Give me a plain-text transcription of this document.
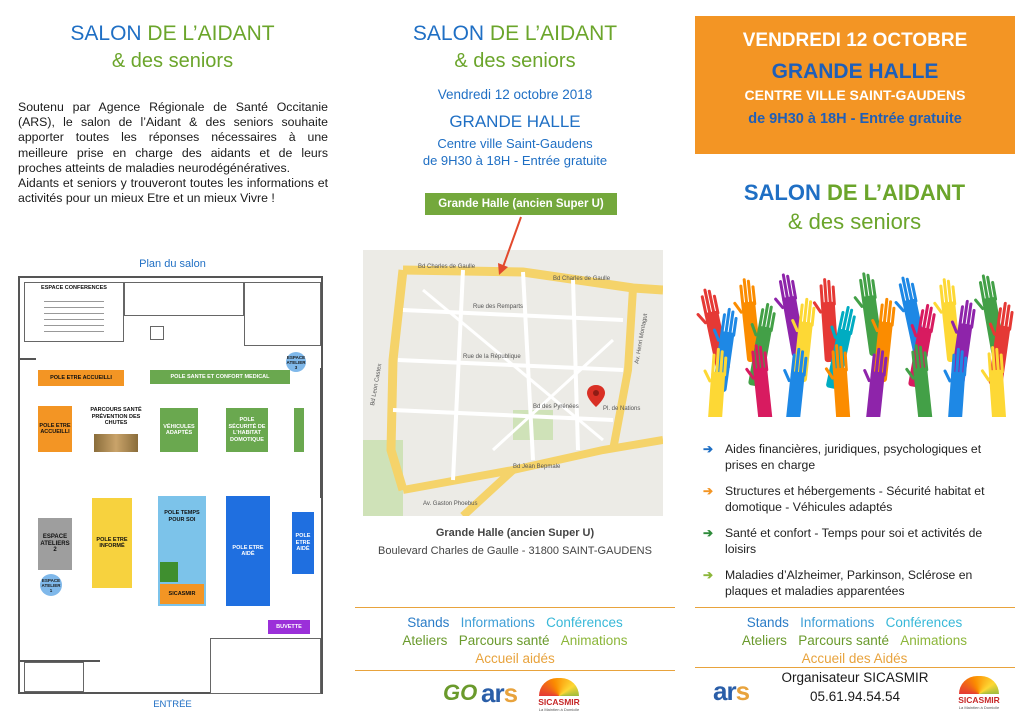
SALON DE L’AIDANT
& des seniors

Soutenu par Agence Régionale de Santé Occitanie (ARS), le salon de l’Aidant & des seniors souhaite apporter toutes les réponses nécessaires à une meilleure prise en charge des aidants et de leurs proches atteints de maladies neurodégénératives.

Aidants et seniors y trouveront toutes les informations et activités pour un mieux Etre et un mieux Vivre !

Plan du salon
ESPACE CONFERENCES
ESPACE ATELIER 3
POLE ETRE ACCUEILLI	POLE SANTE ET CONFORT MEDICAL
POLE ETRE ACCUEILLI
PARCOURS SANTÉ PRÉVENTION DES CHUTES
VÉHICULES ADAPTÉS
POLE SÉCURITÉ DE L’HABITAT DOMOTIQUE
ESPACE ATELIERS 2
POLE ETRE INFORMÉ
POLE TEMPS POUR SOI
SICASMIR
POLE ETRE AIDÉ
POLE ETRE AIDÉ
ESPACE ATELIER 1
BUVETTE
ENTRÉE
SALON DE L’AIDANT
& des seniors
Vendredi 12 octobre 2018
GRANDE HALLE
Centre ville Saint-Gaudens
de 9H30 à 18H - Entrée gratuite
Grande Halle (ancien Super U)
Bd Charles de Gaulle
Bd Charles de Gaulle
Rue des Remparts
Rue de la République
Bd Jean Bepmale
Av. Gaston Phoebus
Bd Leon Castex
Pl. de Nations
Bd des Pyrénées
Av. Henri Montagut
Grande Halle (ancien Super U)
Boulevard Charles de Gaulle - 31800 SAINT-GAUDENS
Stands Informations Conférences
Ateliers Parcours santé Animations
Accueil aidés
GO ars SICASMIR
La Maintien à Domicile
VENDREDI 12 OCTOBRE
GRANDE HALLE
CENTRE VILLE SAINT-GAUDENS
de 9H30 à 18H - Entrée gratuite
SALON DE L’AIDANT
& des seniors
➔ Aides financières, juridiques, psychologiques et prises en charge
➔ Structures et hébergements - Sécurité habitat et domotique - Véhicules adaptés
➔ Santé et confort - Temps pour soi et activités de loisirs
➔ Maladies d’Alzheimer, Parkinson, Sclérose en plaques et maladies apparentées
Stands Informations Conférences
Ateliers Parcours santé Animations
Accueil des Aidés
ars	Organisateur SICASMIR
05.61.94.54.54	SICASMIR
La Maintien à Domicile
